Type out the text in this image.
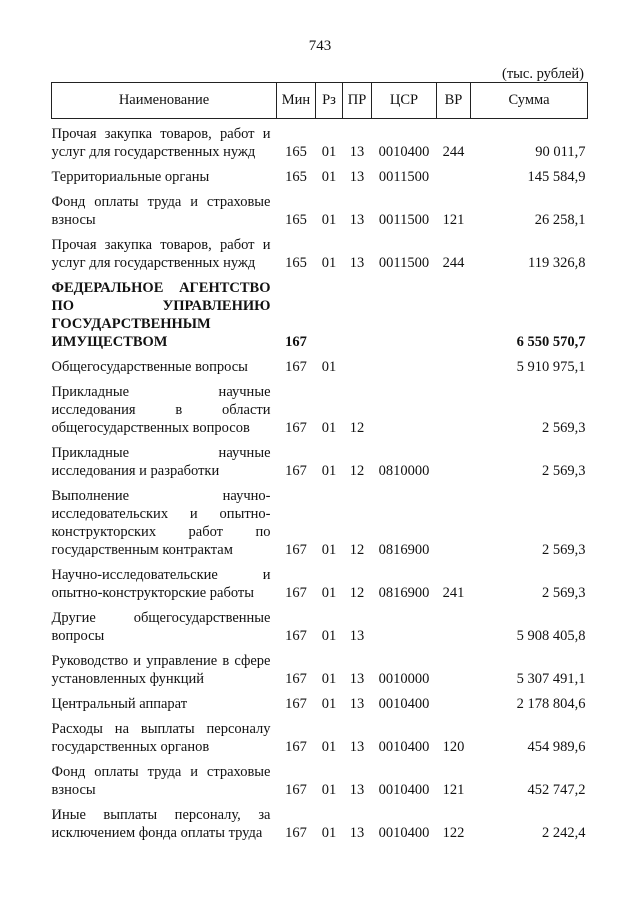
743
(тыс. рублей)
Наименование	Мин	Рз	ПР	ЦСР	ВР	Сумма
Прочая закупка товаров, работ и услуг для государственных нужд	165	01	13	0010400	244	90 011,7
Территориальные органы	165	01	13	0011500		145 584,9
Фонд оплаты труда и страховые взносы	165	01	13	0011500	121	26 258,1
Прочая закупка товаров, работ и услуг для государственных нужд	165	01	13	0011500	244	119 326,8
ФЕДЕРАЛЬНОЕ АГЕНТСТВО ПО УПРАВЛЕНИЮ ГОСУДАРСТВЕННЫМ ИМУЩЕСТВОМ	167					6 550 570,7
Общегосударственные вопросы	167	01				5 910 975,1
Прикладные научные исследования в области общегосударственных вопросов	167	01	12			2 569,3
Прикладные научные исследования и разработки	167	01	12	0810000		2 569,3
Выполнение научно-исследовательских и опытно-конструкторских работ по государственным контрактам	167	01	12	0816900		2 569,3
Научно-исследовательские и опытно-конструкторские работы	167	01	12	0816900	241	2 569,3
Другие общегосударственные вопросы	167	01	13			5 908 405,8
Руководство и управление в сфере установленных функций	167	01	13	0010000		5 307 491,1
Центральный аппарат	167	01	13	0010400		2 178 804,6
Расходы на выплаты персоналу государственных органов	167	01	13	0010400	120	454 989,6
Фонд оплаты труда и страховые взносы	167	01	13	0010400	121	452 747,2
Иные выплаты персоналу, за исключением фонда оплаты труда	167	01	13	0010400	122	2 242,4
